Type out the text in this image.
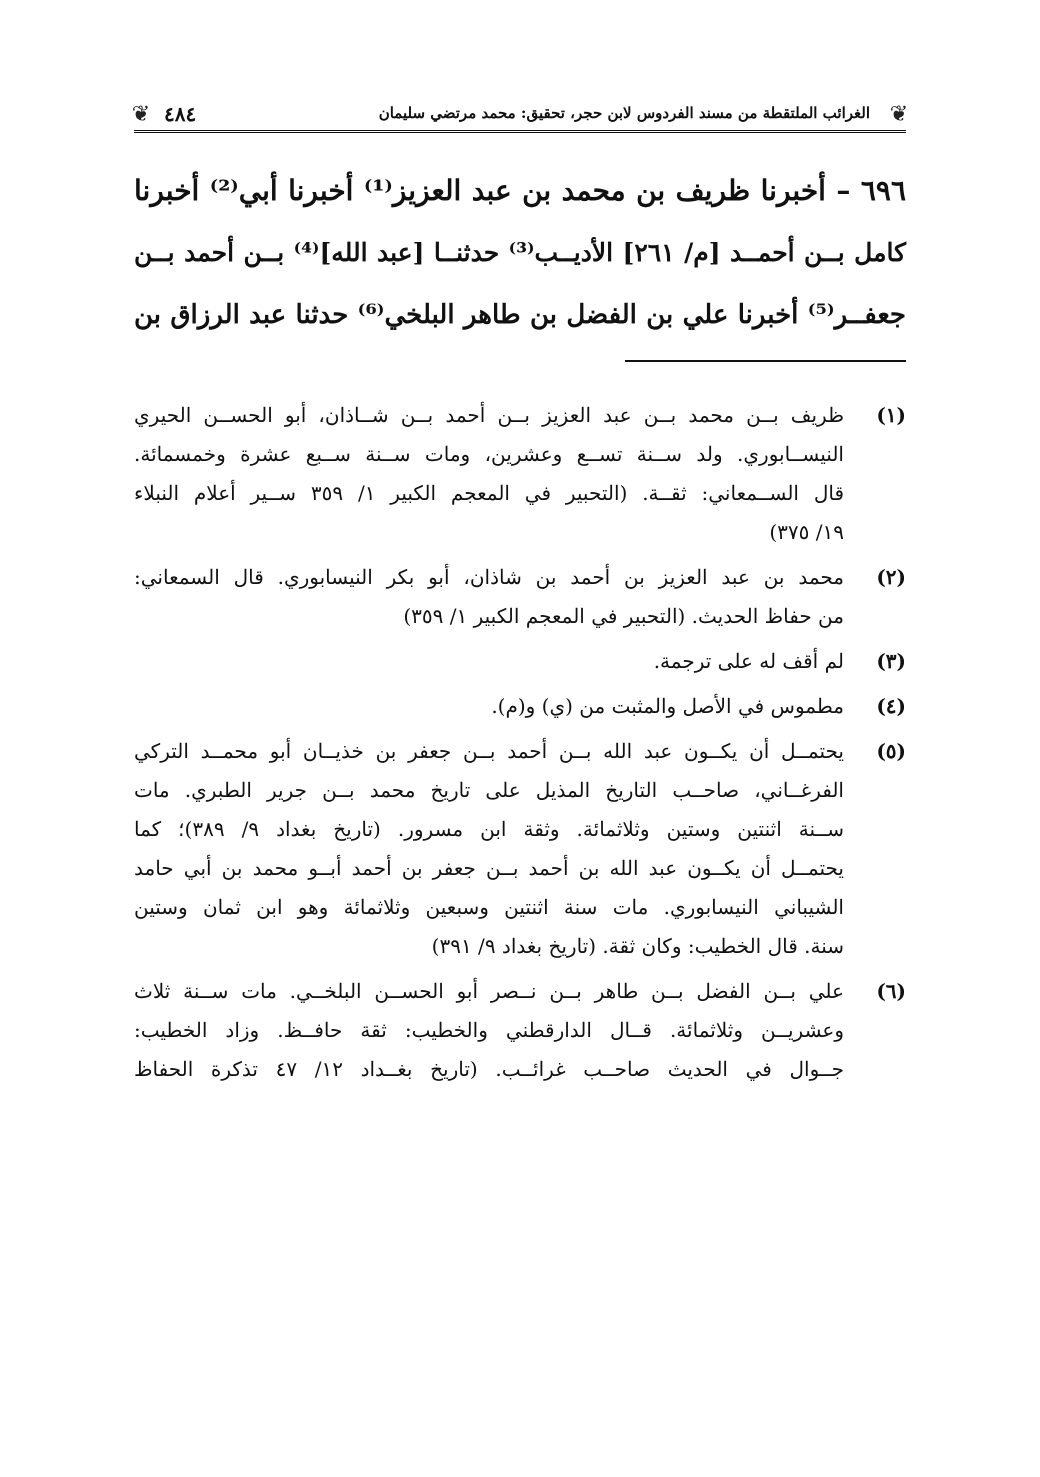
❦
الغرائب الملتقطة من مسند الفردوس لابن حجر، تحقيق: محمد مرتضي سليمان
٤٨٤
❦
٦٩٦ – أخبرنا ظريف بن محمد بن عبد العزيز⁽¹⁾ أخبرنا أبي⁽²⁾ أخبرنا
كامل بــن أحمــد [م/ ٢٦١] الأديــب⁽³⁾ حدثنــا [عبد الله]⁽⁴⁾ بــن أحمد بــن
جعفــر⁽⁵⁾ أخبرنا علي بن الفضل بن طاهر البلخي⁽⁶⁾ حدثنا عبد الرزاق بن
(١)
ظريف بــن محمد بــن عبد العزيز بــن أحمد بــن شــاذان، أبو الحســن الحيري
النيســابوري. ولد ســنة تســع وعشرين، ومات ســنة ســبع عشرة وخمسمائة.
قال الســمعاني: ثقــة. (التحبير في المعجم الكبير ١/ ٣٥٩ ســير أعلام النبلاء
١٩/ ٣٧٥)
(٢)
محمد بن عبد العزيز بن أحمد بن شاذان، أبو بكر النيسابوري. قال السمعاني:
من حفاظ الحديث. (التحبير في المعجم الكبير ١/ ٣٥٩)
(٣)
لم أقف له على ترجمة.
(٤)
مطموس في الأصل والمثبت من (ي) و(م).
(٥)
يحتمــل أن يكــون عبد الله بــن أحمد بــن جعفر بن خذيــان أبو محمــد التركي
الفرغــاني، صاحــب التاريخ المذيل على تاريخ محمد بــن جرير الطبري. مات
ســنة اثنتين وستين وثلاثمائة. وثقة ابن مسرور. (تاريخ بغداد ٩/ ٣٨٩)؛ كما
يحتمــل أن يكــون عبد الله بن أحمد بــن جعفر بن أحمد أبــو محمد بن أبي حامد
الشيباني النيسابوري. مات سنة اثنتين وسبعين وثلاثمائة وهو ابن ثمان وستين
سنة. قال الخطيب: وكان ثقة. (تاريخ بغداد ٩/ ٣٩١)
(٦)
علي بــن الفضل بــن طاهر بــن نــصر أبو الحســن البلخــي. مات ســنة ثلاث
وعشريــن وثلاثمائة. قــال الدارقطني والخطيب: ثقة حافــظ. وزاد الخطيب:
جــوال في الحديث صاحــب غرائــب. (تاريخ بغــداد ١٢/ ٤٧ تذكرة الحفاظ
